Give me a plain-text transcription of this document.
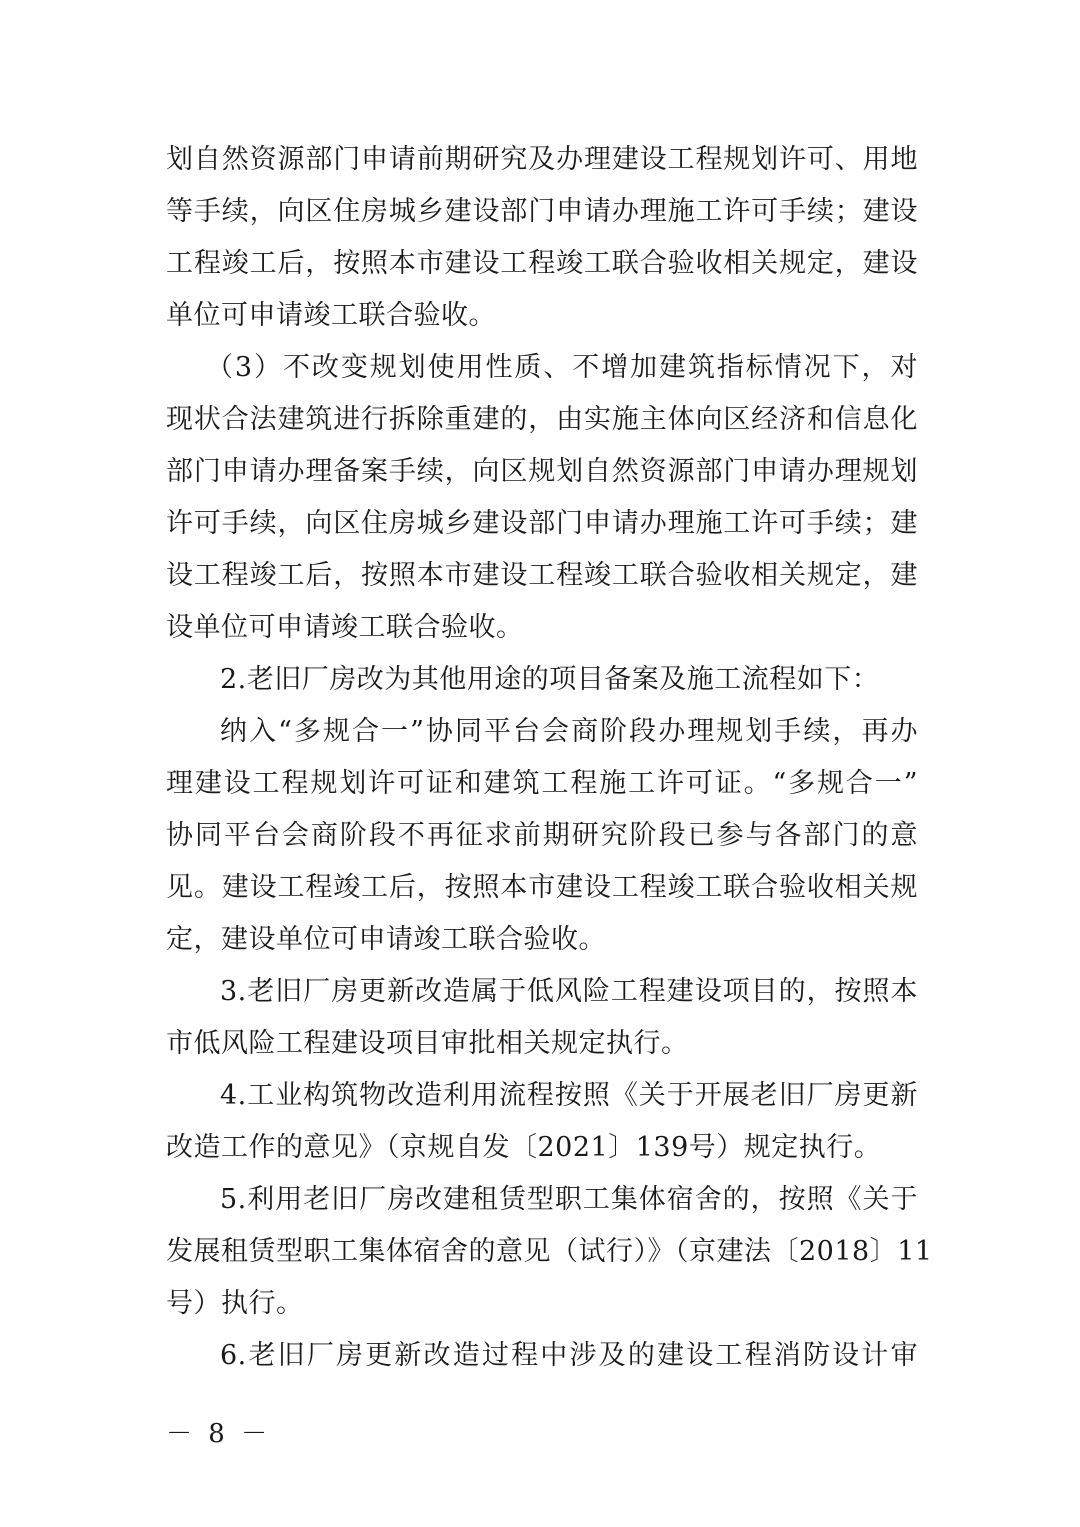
划自然资源部门申请前期研究及办理建设工程规划许可、用地
等手续，向区住房城乡建设部门申请办理施工许可手续；建设
工程竣工后，按照本市建设工程竣工联合验收相关规定，建设
单位可申请竣工联合验收。
（3）不改变规划使用性质、不增加建筑指标情况下，对
现状合法建筑进行拆除重建的，由实施主体向区经济和信息化
部门申请办理备案手续，向区规划自然资源部门申请办理规划
许可手续，向区住房城乡建设部门申请办理施工许可手续；建
设工程竣工后，按照本市建设工程竣工联合验收相关规定，建
设单位可申请竣工联合验收。
2.老旧厂房改为其他用途的项目备案及施工流程如下：
纳入“多规合一”协同平台会商阶段办理规划手续，再办
理建设工程规划许可证和建筑工程施工许可证。“多规合一”
协同平台会商阶段不再征求前期研究阶段已参与各部门的意
见。建设工程竣工后，按照本市建设工程竣工联合验收相关规
定，建设单位可申请竣工联合验收。
3.老旧厂房更新改造属于低风险工程建设项目的，按照本
市低风险工程建设项目审批相关规定执行。
4.工业构筑物改造利用流程按照《关于开展老旧厂房更新
改造工作的意见》（京规自发〔2021〕139号）规定执行。
5.利用老旧厂房改建租赁型职工集体宿舍的，按照《关于
发展租赁型职工集体宿舍的意见（试行）》（京建法〔2018〕11
号）执行。
6.老旧厂房更新改造过程中涉及的建设工程消防设计审
－ 8 －
